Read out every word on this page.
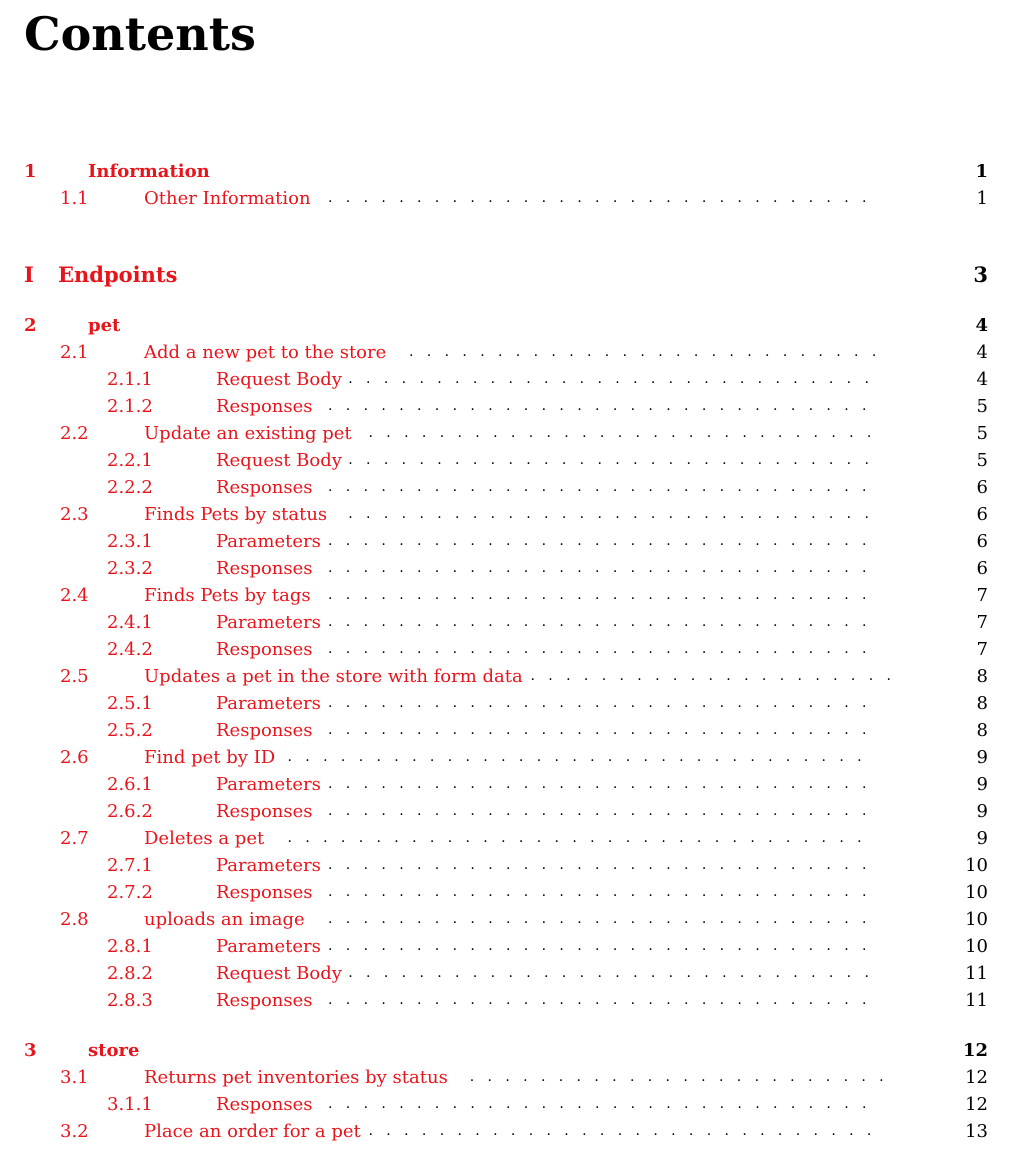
Contents
1	Information	1
1.1	Other Information	1
.   .   .   .   .   .   .   .   .   .   .   .   .   .   .   .   .   .   .   .   .   .   .   .   .   .   .   .   .   .   .
I Endpoints	3
2	pet	4
2.1	Add a new pet to the store	4
.   .   .   .   .   .   .   .   .   .   .   .   .   .   .   .   .   .   .   .   .   .   .   .   .   .   .
2.1.1	Request Body	4
.   .   .   .   .   .   .   .   .   .   .   .   .   .   .   .   .   .   .   .   .   .   .   .   .   .   .   .   .   .
2.1.2	Responses	5
.   .   .   .   .   .   .   .   .   .   .   .   .   .   .   .   .   .   .   .   .   .   .   .   .   .   .   .   .   .   .
2.2	Update an existing pet	5
.   .   .   .   .   .   .   .   .   .   .   .   .   .   .   .   .   .   .   .   .   .   .   .   .   .   .   .   .
2.2.1	Request Body	5
.   .   .   .   .   .   .   .   .   .   .   .   .   .   .   .   .   .   .   .   .   .   .   .   .   .   .   .   .   .
2.2.2	Responses	6
.   .   .   .   .   .   .   .   .   .   .   .   .   .   .   .   .   .   .   .   .   .   .   .   .   .   .   .   .   .   .
2.3	Finds Pets by status	6
.   .   .   .   .   .   .   .   .   .   .   .   .   .   .   .   .   .   .   .   .   .   .   .   .   .   .   .   .   .
2.3.1	Parameters	6
.   .   .   .   .   .   .   .   .   .   .   .   .   .   .   .   .   .   .   .   .   .   .   .   .   .   .   .   .   .   .
2.3.2	Responses	6
.   .   .   .   .   .   .   .   .   .   .   .   .   .   .   .   .   .   .   .   .   .   .   .   .   .   .   .   .   .   .
2.4	Finds Pets by tags	7
.   .   .   .   .   .   .   .   .   .   .   .   .   .   .   .   .   .   .   .   .   .   .   .   .   .   .   .   .   .   .
2.4.1	Parameters	7
.   .   .   .   .   .   .   .   .   .   .   .   .   .   .   .   .   .   .   .   .   .   .   .   .   .   .   .   .   .   .
2.4.2	Responses	7
.   .   .   .   .   .   .   .   .   .   .   .   .   .   .   .   .   .   .   .   .   .   .   .   .   .   .   .   .   .   .
2.5	Updates a pet in the store with form data	8
.   .   .   .   .   .   .   .   .   .   .   .   .   .   .   .   .   .   .   .   .
2.5.1	Parameters	8
.   .   .   .   .   .   .   .   .   .   .   .   .   .   .   .   .   .   .   .   .   .   .   .   .   .   .   .   .   .   .
2.5.2	Responses	8
.   .   .   .   .   .   .   .   .   .   .   .   .   .   .   .   .   .   .   .   .   .   .   .   .   .   .   .   .   .   .
2.6	Find pet by ID	9
.   .   .   .   .   .   .   .   .   .   .   .   .   .   .   .   .   .   .   .   .   .   .   .   .   .   .   .   .   .   .   .   .
2.6.1	Parameters	9
.   .   .   .   .   .   .   .   .   .   .   .   .   .   .   .   .   .   .   .   .   .   .   .   .   .   .   .   .   .   .
2.6.2	Responses	9
.   .   .   .   .   .   .   .   .   .   .   .   .   .   .   .   .   .   .   .   .   .   .   .   .   .   .   .   .   .   .
2.7	Deletes a pet	9
.   .   .   .   .   .   .   .   .   .   .   .   .   .   .   .   .   .   .   .   .   .   .   .   .   .   .   .   .   .   .   .   .
2.7.1	Parameters	10
.   .   .   .   .   .   .   .   .   .   .   .   .   .   .   .   .   .   .   .   .   .   .   .   .   .   .   .   .   .   .
2.7.2	Responses	10
.   .   .   .   .   .   .   .   .   .   .   .   .   .   .   .   .   .   .   .   .   .   .   .   .   .   .   .   .   .   .
2.8	uploads an image	10
.   .   .   .   .   .   .   .   .   .   .   .   .   .   .   .   .   .   .   .   .   .   .   .   .   .   .   .   .   .   .
2.8.1	Parameters	10
.   .   .   .   .   .   .   .   .   .   .   .   .   .   .   .   .   .   .   .   .   .   .   .   .   .   .   .   .   .   .
2.8.2	Request Body	11
.   .   .   .   .   .   .   .   .   .   .   .   .   .   .   .   .   .   .   .   .   .   .   .   .   .   .   .   .   .
2.8.3	Responses	11
.   .   .   .   .   .   .   .   .   .   .   .   .   .   .   .   .   .   .   .   .   .   .   .   .   .   .   .   .   .   .
3	store	12
3.1	Returns pet inventories by status	12
.   .   .   .   .   .   .   .   .   .   .   .   .   .   .   .   .   .   .   .   .   .   .   .
3.1.1	Responses	12
.   .   .   .   .   .   .   .   .   .   .   .   .   .   .   .   .   .   .   .   .   .   .   .   .   .   .   .   .   .   .
3.2	Place an order for a pet	13
.   .   .   .   .   .   .   .   .   .   .   .   .   .   .   .   .   .   .   .   .   .   .   .   .   .   .   .   .
